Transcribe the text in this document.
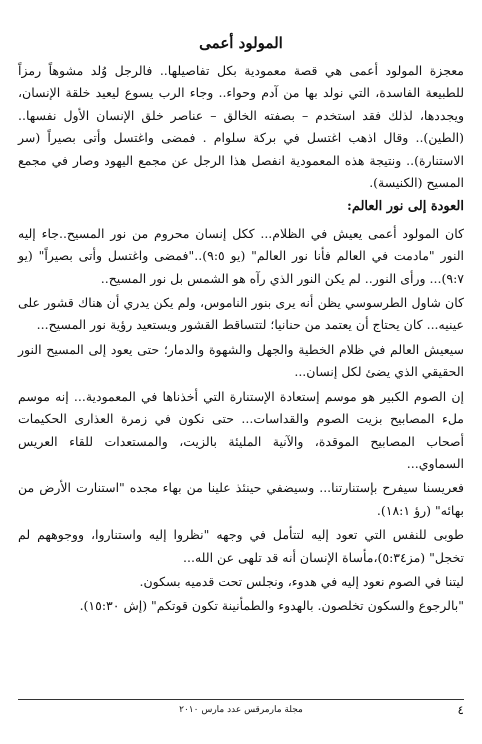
المولود أعمى
معجزة المولود أعمى هي قصة معمودية بكل تفاصيلها.. فالرجل وُلد مشوهاً رمزاً للطبيعة الفاسدة، التي نولد بها من آدم وحواء.. وجاء الرب يسوع ليعيد خلقة الإنسان، ويجددها، لذلك فقد استخدم – بصفته الخالق – عناصر خلق الإنسان الأول نفسها.. (الطين).. وقال اذهب اغتسل في بركة سلوام . فمضى واغتسل وأتى بصيراً (سر الاستنارة).. ونتيجة هذه المعمودية انفصل هذا الرجل عن مجمع اليهود وصار في مجمع المسيح (الكنيسة).
العودة إلى نور العالم:
كان المولود أعمى يعيش في الظلام... ككل إنسان محروم من نور المسيح..جاء إليه النور "مادمت في العالم فأنا نور العالم" (يو ٩:٥).."فمضى واغتسل وأتى بصيراً" (يو ٩:٧)... ورأى النور.. لم يكن النور الذي رآه هو الشمس بل نور المسيح..
كان شاول الطرسوسي يظن أنه يرى بنور الناموس، ولم يكن يدري أن هناك قشور على عينيه... كان يحتاج أن يعتمد من حنانيا؛ لتتساقط القشور ويستعيد رؤية نور المسيح...
سيعيش العالم في ظلام الخطية والجهل والشهوة والدمار؛ حتى يعود إلى المسيح النور الحقيقي الذي يضئ لكل إنسان...
إن الصوم الكبير هو موسم إستعادة الإستنارة التي أخذناها في المعمودية... إنه موسم ملء المصابيح بزيت الصوم والقداسات... حتى نكون في زمرة العذارى الحكيمات أصحاب المصابيح الموقدة، والآنية المليئة بالزيت، والمستعدات للقاء العريس السماوي...
فعريسنا سيفرح بإستنارتنا... وسيضفي حينئذ علينا من بهاء مجده "استنارت الأرض من بهائه" (رؤ ١٨:١).
طوبى للنفس التي تعود إليه لتتأمل في وجهه "نظروا إليه واستناروا، ووجوههم لم تخجل" (مز٥:٣٤)،مأساة الإنسان أنه قد تلهى عن الله...
ليتنا في الصوم نعود إليه في هدوء، ونجلس تحت قدميه بسكون.
"بالرجوع والسكون تخلصون. بالهدوء والطمأنينة تكون قوتكم" (إش ١٥:٣٠).
٤
مجلة مارمرقس عدد مارس ٢٠١٠
